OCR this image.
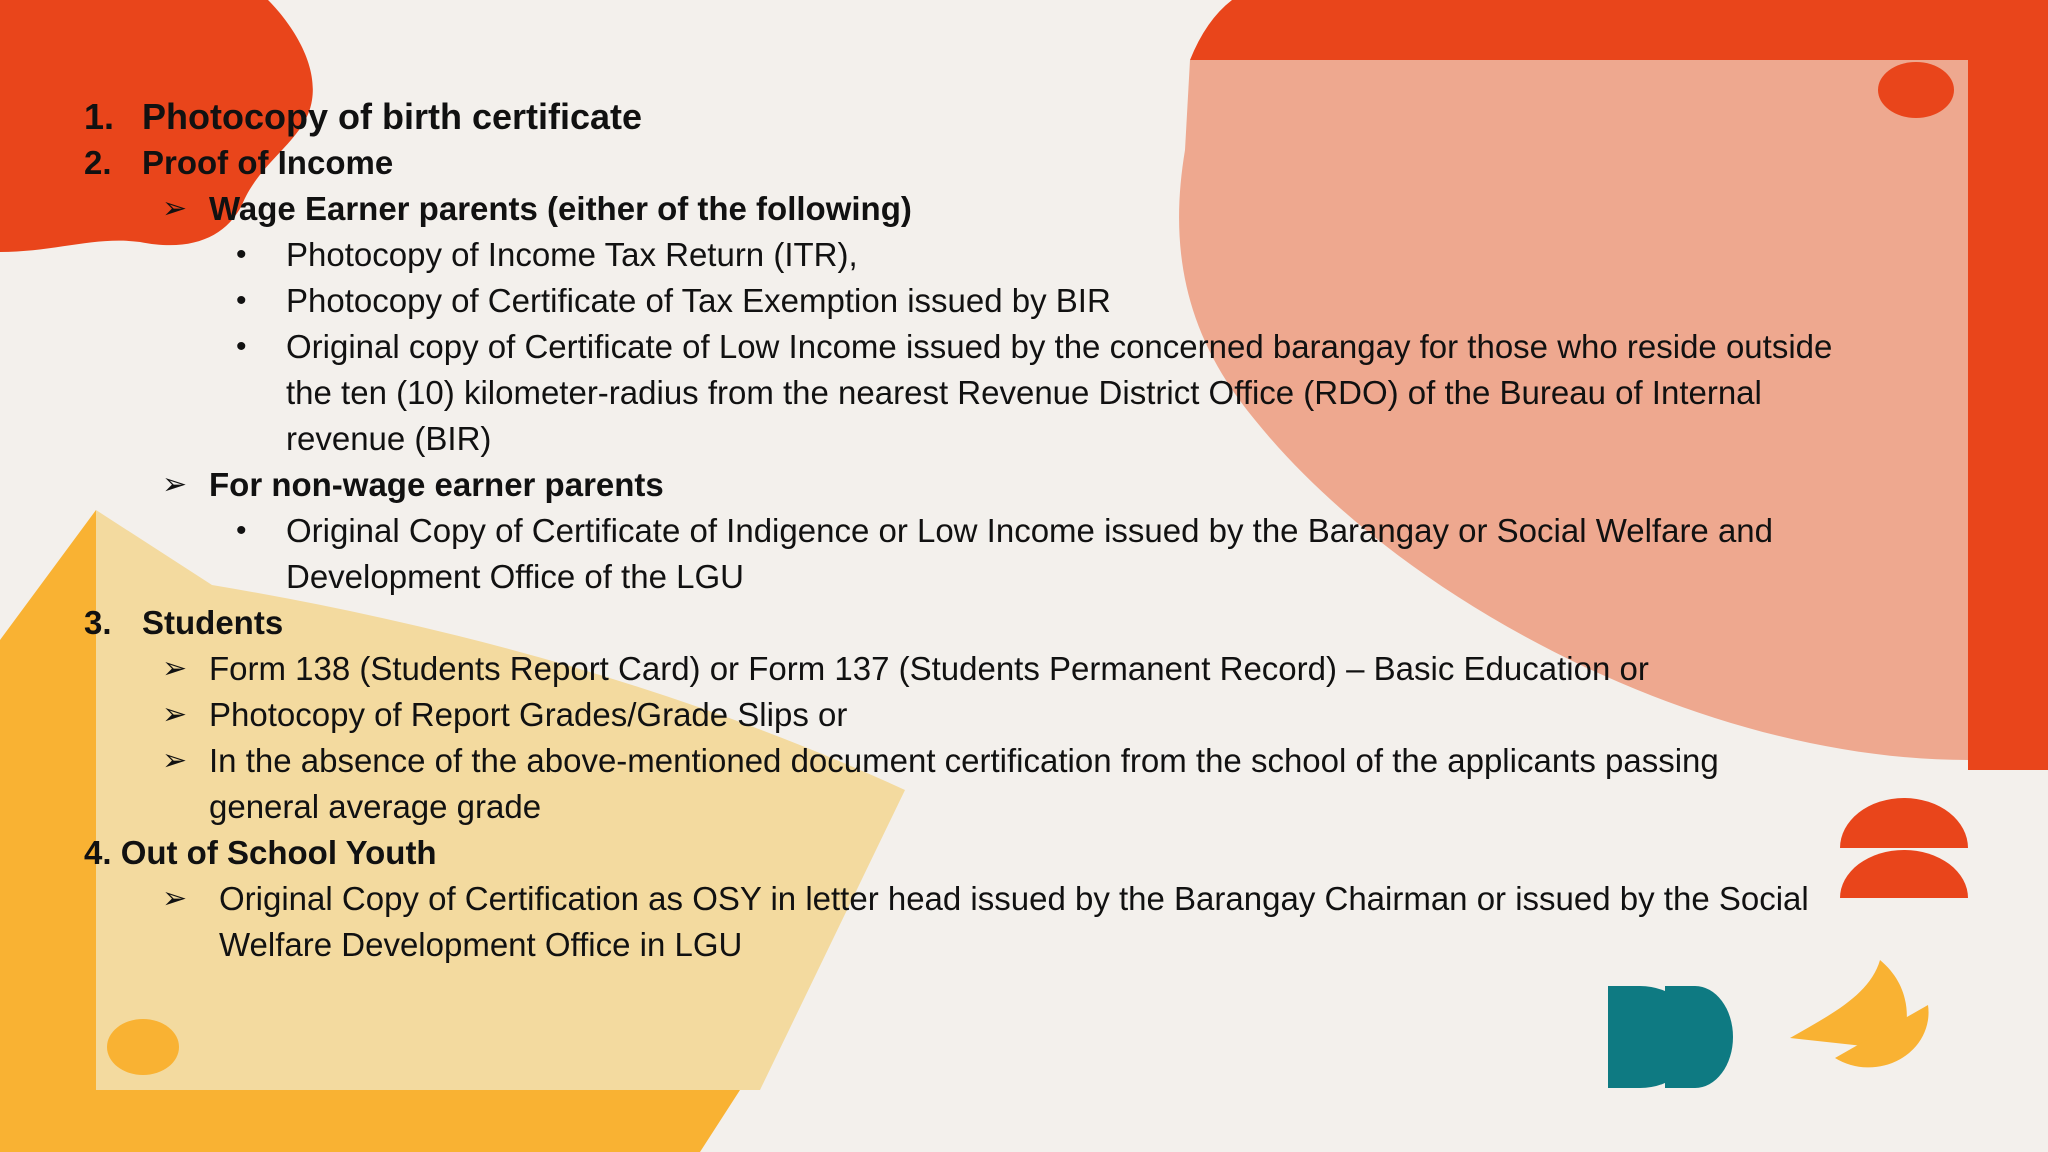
1. Photocopy of birth certificate
2. Proof of Income
➢ Wage Earner parents (either of the following)
• Photocopy of Income Tax Return (ITR),
• Photocopy of Certificate of Tax Exemption issued by BIR
• Original copy of Certificate of Low Income issued by the concerned barangay for those who reside outside
the ten (10) kilometer-radius from the nearest Revenue District Office (RDO) of the Bureau of Internal
revenue (BIR)
➢ For non-wage earner parents
• Original Copy of Certificate of Indigence or Low Income issued by the Barangay or Social Welfare and
Development Office of the LGU
3. Students
➢ Form 138 (Students Report Card) or Form 137 (Students Permanent Record) – Basic Education or
➢ Photocopy of Report Grades/Grade Slips or
➢ In the absence of the above-mentioned document certification from the school of the applicants passing
general average grade
4. Out of School Youth
➢ Original Copy of Certification as OSY in letter head issued by the Barangay Chairman or issued by the Social
Welfare Development Office in LGU
